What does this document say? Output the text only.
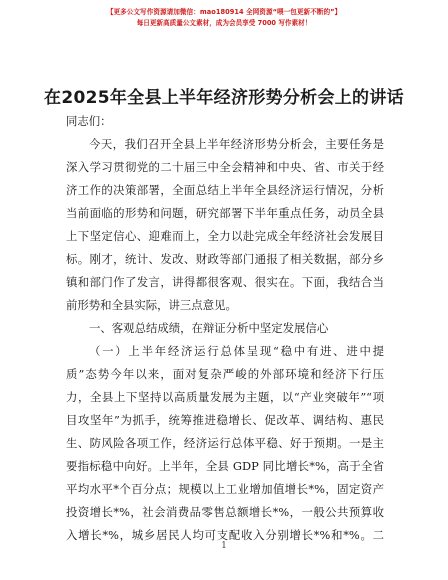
【更多公文写作资源请加微信：mao180914 全网资源“喂一包更新不断的”】
每日更新高质量公文素材，成为会员享受 7000 写作素材！
在2025年全县上半年经济形势分析会上的讲话
同志们：
今天，我们召开全县上半年经济形势分析会，主要任务是
深入学习贯彻党的二十届三中全会精神和中央、省、市关于经
济工作的决策部署，全面总结上半年全县经济运行情况，分析
当前面临的形势和问题，研究部署下半年重点任务，动员全县
上下坚定信心、迎难而上，全力以赴完成全年经济社会发展目
标。刚才，统计、发改、财政等部门通报了相关数据，部分乡
镇和部门作了发言，讲得都很客观、很实在。下面，我结合当
前形势和全县实际，讲三点意见。
一、客观总结成绩，在辩证分析中坚定发展信心
（一）上半年经济运行总体呈现“稳中有进、进中提
质”态势今年以来，面对复杂严峻的外部环境和经济下行压
力，全县上下坚持以高质量发展为主题，以“产业突破年”“项
目攻坚年”为抓手，统筹推进稳增长、促改革、调结构、惠民
生、防风险各项工作，经济运行总体平稳、好于预期。一是主
要指标稳中向好。上半年，全县 GDP 同比增长*%，高于全省
平均水平*个百分点；规模以上工业增加值增长*%，固定资产
投资增长*%，社会消费品零售总额增长*%，一般公共预算收
入增长*%，城乡居民人均可支配收入分别增长*%和*%。二
1
